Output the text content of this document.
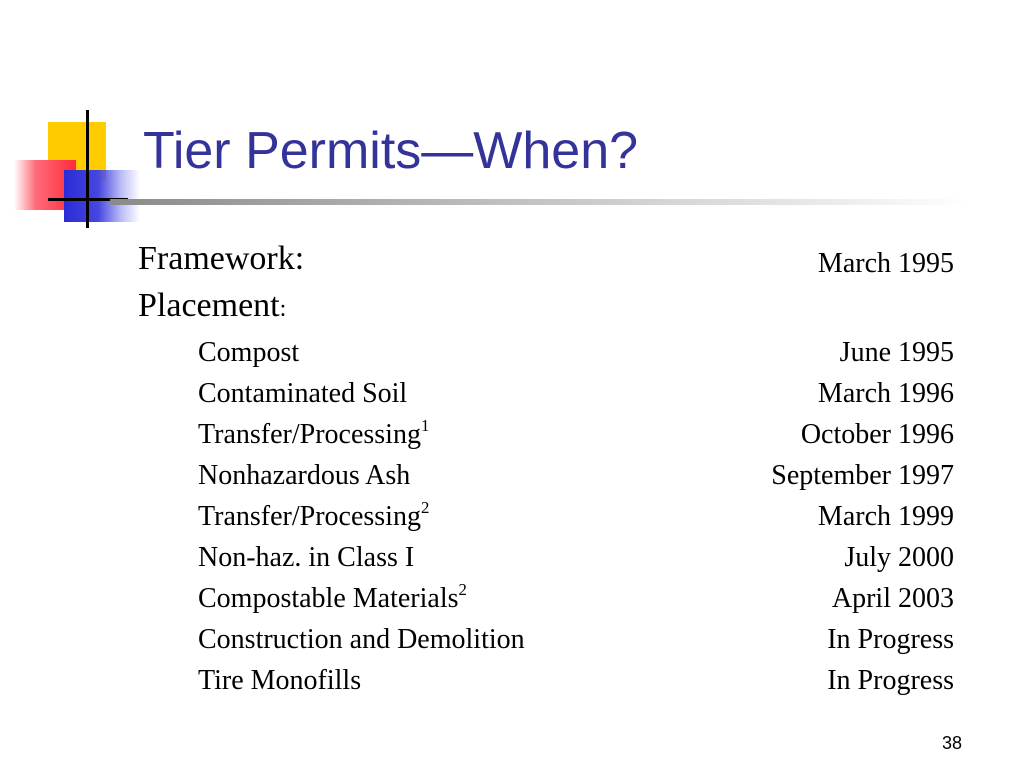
Tier Permits—When?
Framework:	March 1995
Placement:
Compost	June 1995
Contaminated Soil	March 1996
Transfer/Processing$^1$	October 1996
Nonhazardous Ash	September 1997
Transfer/Processing$^2$	March 1999
Non-haz. in Class I	July 2000
Compostable Materials$^2$	April 2003
Construction and Demolition	In Progress
Tire Monofills	In Progress
38
